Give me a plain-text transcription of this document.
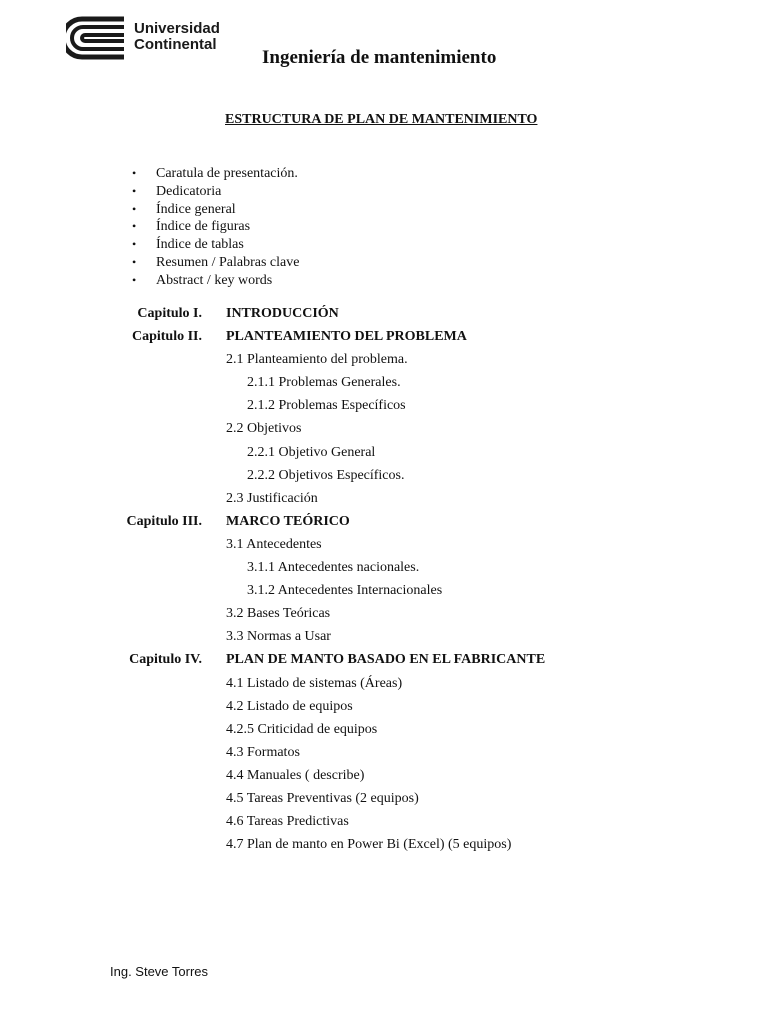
Universidad
Continental
Ingeniería de mantenimiento
ESTRUCTURA DE PLAN DE MANTENIMIENTO
• Caratula de presentación.
• Dedicatoria
• Índice general
• Índice de figuras
• Índice de tablas
• Resumen / Palabras clave
• Abstract / key words
Capitulo I. INTRODUCCIÓN
Capitulo II. PLANTEAMIENTO DEL PROBLEMA
2.1 Planteamiento del problema.
2.1.1 Problemas Generales.
2.1.2 Problemas Específicos
2.2 Objetivos
2.2.1 Objetivo General
2.2.2 Objetivos Específicos.
2.3 Justificación
Capitulo III. MARCO TEÓRICO
3.1 Antecedentes
3.1.1 Antecedentes nacionales.
3.1.2 Antecedentes Internacionales
3.2 Bases Teóricas
3.3 Normas a Usar
Capitulo IV. PLAN DE MANTO BASADO EN EL FABRICANTE
4.1 Listado de sistemas (Áreas)
4.2 Listado de equipos
4.2.5 Criticidad de equipos
4.3 Formatos
4.4 Manuales ( describe)
4.5 Tareas Preventivas (2 equipos)
4.6 Tareas Predictivas
4.7 Plan de manto en Power Bi (Excel) (5 equipos)
Ing. Steve Torres
